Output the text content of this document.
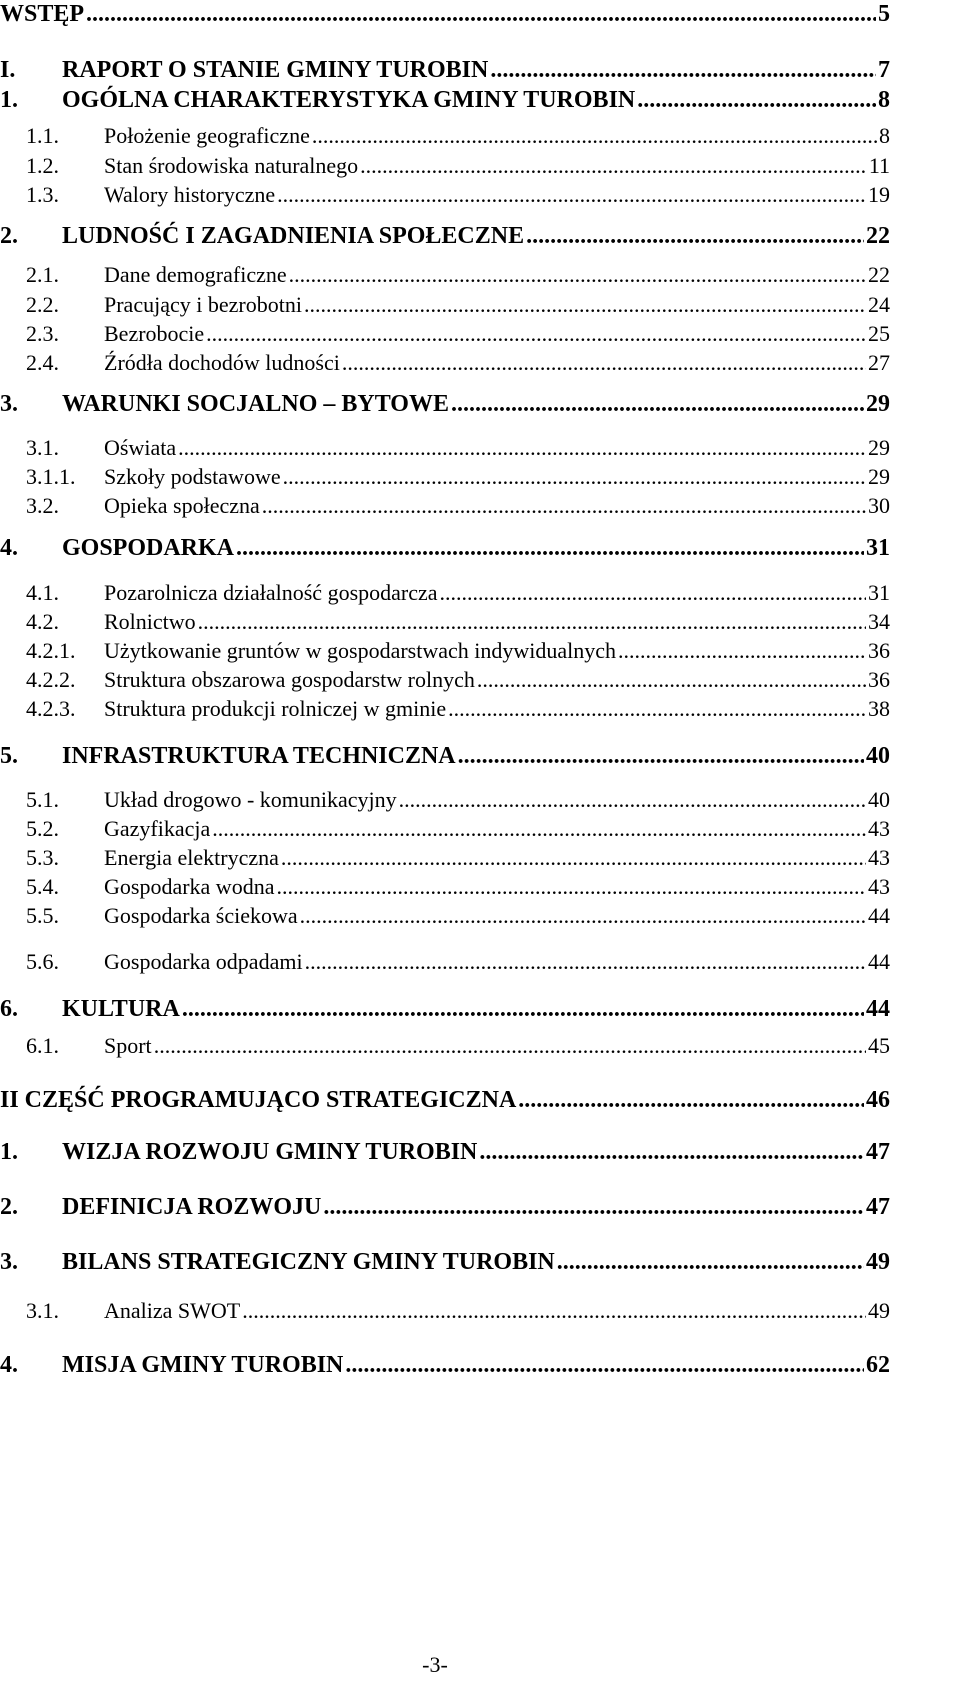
WSTĘP .....	5
I.	RAPORT O STANIE GMINY TUROBIN .....	7
1.	OGÓLNA CHARAKTERYSTYKA GMINY TUROBIN .....	8
1.1.	Położenie geograficzne .....	8
1.2.	Stan środowiska naturalnego .....	11
1.3.	Walory historyczne .....	19
2.	LUDNOŚĆ I ZAGADNIENIA SPOŁECZNE .....	22
2.1.	Dane demograficzne .....	22
2.2.	Pracujący i bezrobotni .....	24
2.3.	Bezrobocie .....	25
2.4.	Źródła dochodów ludności .....	27
3.	WARUNKI SOCJALNO – BYTOWE .....	29
3.1.	Oświata .....	29
3.1.1.	Szkoły podstawowe .....	29
3.2.	Opieka społeczna .....	30
4.	GOSPODARKA .....	31
4.1.	Pozarolnicza działalność gospodarcza .....	31
4.2.	Rolnictwo .....	34
4.2.1.	Użytkowanie gruntów w gospodarstwach indywidualnych .....	36
4.2.2.	Struktura obszarowa gospodarstw rolnych .....	36
4.2.3.	Struktura produkcji rolniczej w gminie .....	38
5.	INFRASTRUKTURA TECHNICZNA .....	40
5.1.	Układ drogowo - komunikacyjny .....	40
5.2.	Gazyfikacja .....	43
5.3.	Energia elektryczna .....	43
5.4.	Gospodarka wodna .....	43
5.5.	Gospodarka ściekowa .....	44
5.6.	Gospodarka odpadami .....	44
6.	KULTURA .....	44
6.1.	Sport .....	45
II CZĘŚĆ PROGRAMUJĄCO STRATEGICZNA .....	46
1.	WIZJA ROZWOJU GMINY TUROBIN .....	47
2.	DEFINICJA ROZWOJU .....	47
3.	BILANS STRATEGICZNY GMINY TUROBIN .....	49
3.1.	Analiza SWOT .....	49
4.	MISJA GMINY TUROBIN .....	62
-3-
